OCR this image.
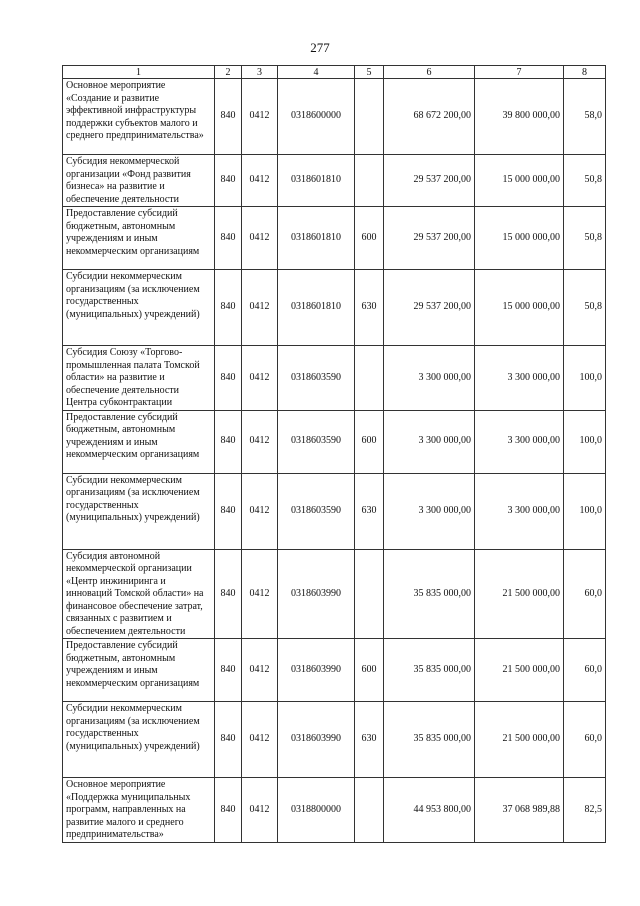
277
1	2	3	4	5	6	7	8
Основное мероприятие «Создание и развитие эффективной инфраструктуры поддержки субъектов малого и среднего предпринимательства»	840	0412	0318600000		68 672 200,00	39 800 000,00	58,0
Субсидия некоммерческой организации «Фонд развития бизнеса» на развитие и обеспечение деятельности	840	0412	0318601810		29 537 200,00	15 000 000,00	50,8
Предоставление субсидий бюджетным, автономным учреждениям и иным некоммерческим организациям	840	0412	0318601810	600	29 537 200,00	15 000 000,00	50,8
Субсидии некоммерческим организациям (за исключением государственных (муниципальных) учреждений)	840	0412	0318601810	630	29 537 200,00	15 000 000,00	50,8
Субсидия Союзу «Торгово-промышленная палата Томской области» на развитие и обеспечение деятельности Центра субконтрактации	840	0412	0318603590		3 300 000,00	3 300 000,00	100,0
Предоставление субсидий бюджетным, автономным учреждениям и иным некоммерческим организациям	840	0412	0318603590	600	3 300 000,00	3 300 000,00	100,0
Субсидии некоммерческим организациям (за исключением государственных (муниципальных) учреждений)	840	0412	0318603590	630	3 300 000,00	3 300 000,00	100,0
Субсидия автономной некоммерческой организации «Центр инжиниринга и инноваций Томской области» на финансовое обеспечение затрат, связанных с развитием и обеспечением деятельности	840	0412	0318603990		35 835 000,00	21 500 000,00	60,0
Предоставление субсидий бюджетным, автономным учреждениям и иным некоммерческим организациям	840	0412	0318603990	600	35 835 000,00	21 500 000,00	60,0
Субсидии некоммерческим организациям (за исключением государственных (муниципальных) учреждений)	840	0412	0318603990	630	35 835 000,00	21 500 000,00	60,0
Основное мероприятие «Поддержка муниципальных программ, направленных на развитие малого и среднего предпринимательства»	840	0412	0318800000		44 953 800,00	37 068 989,88	82,5
